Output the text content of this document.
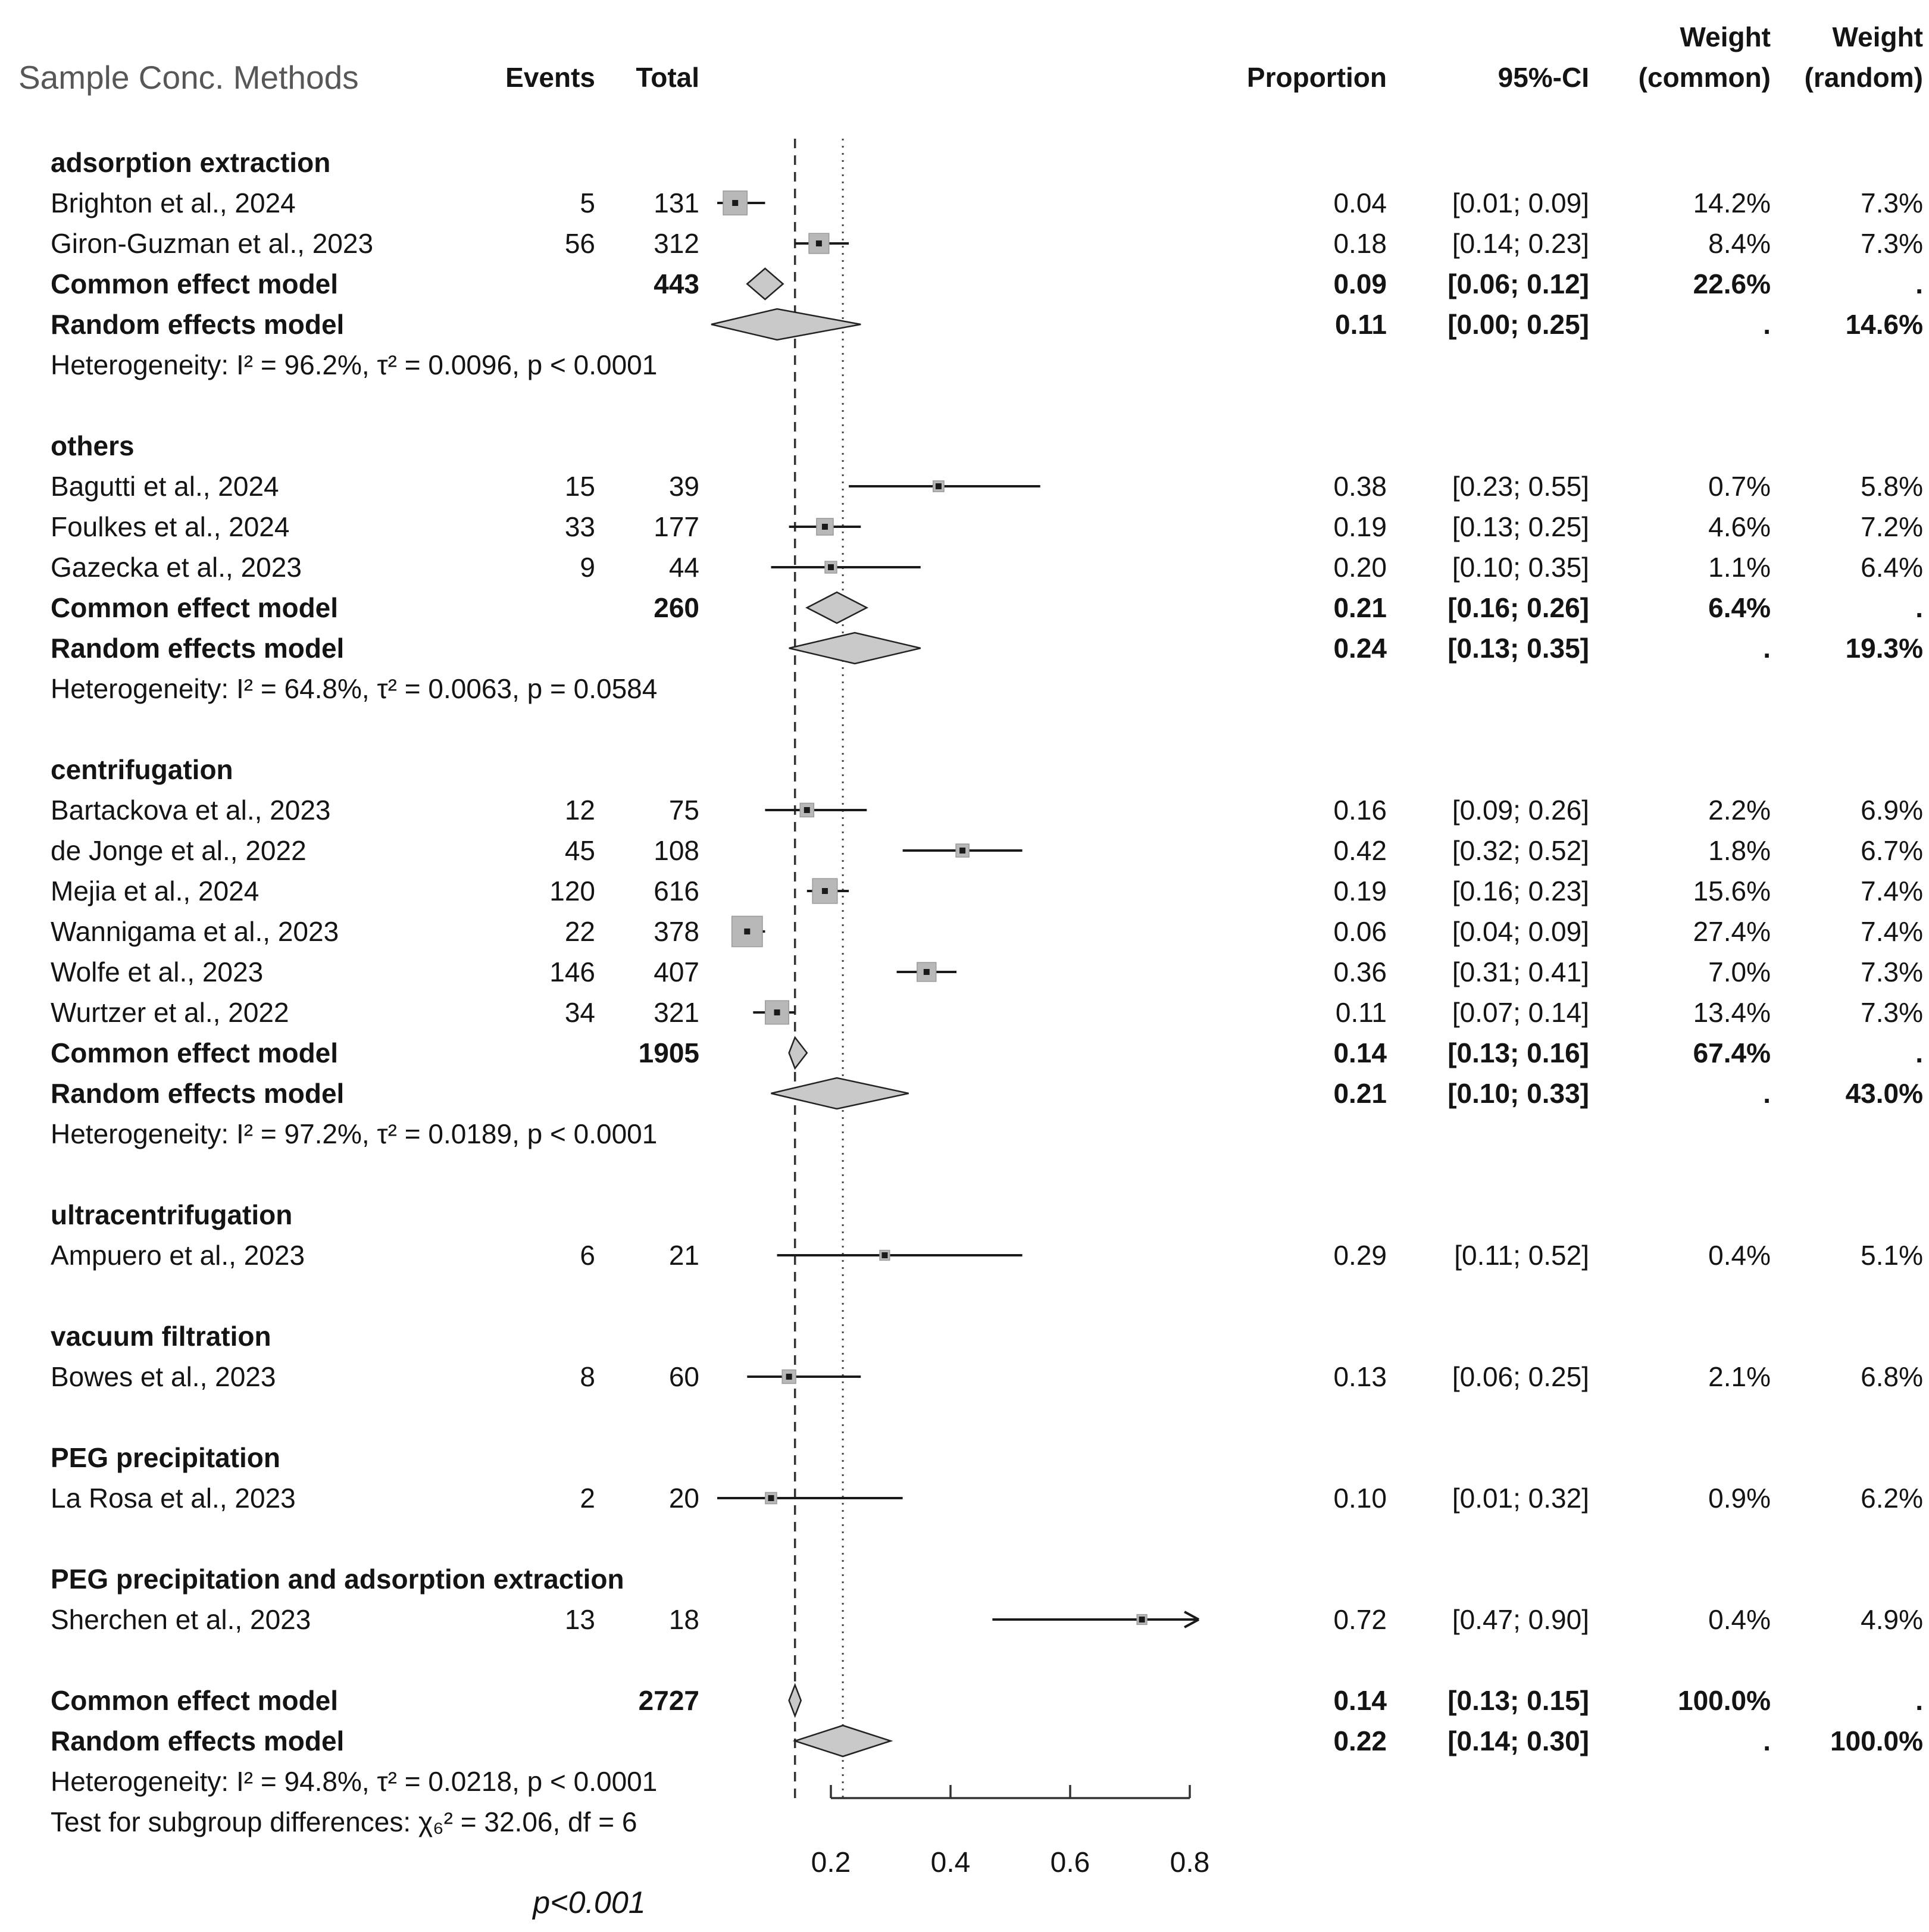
Weight	Weight
Sample Conc. Methods	Events	Total	Proportion	95%-CI	(common)	(random)
adsorption extraction
Brighton et al., 2024	5	131	0.04	[0.01; 0.09]	14.2%	7.3%
Giron-Guzman et al., 2023	56	312	0.18	[0.14; 0.23]	8.4%	7.3%
Common effect model	443	0.09	[0.06; 0.12]	22.6%	.
Random effects model	0.11	[0.00; 0.25]	.	14.6%
Heterogeneity: I² = 96.2%, τ² = 0.0096, p < 0.0001
others
Bagutti et al., 2024	15	39	0.38	[0.23; 0.55]	0.7%	5.8%
Foulkes et al., 2024	33	177	0.19	[0.13; 0.25]	4.6%	7.2%
Gazecka et al., 2023	9	44	0.20	[0.10; 0.35]	1.1%	6.4%
Common effect model	260	0.21	[0.16; 0.26]	6.4%	.
Random effects model	0.24	[0.13; 0.35]	.	19.3%
Heterogeneity: I² = 64.8%, τ² = 0.0063, p = 0.0584
centrifugation
Bartackova et al., 2023	12	75	0.16	[0.09; 0.26]	2.2%	6.9%
de Jonge et al., 2022	45	108	0.42	[0.32; 0.52]	1.8%	6.7%
Mejia et al., 2024	120	616	0.19	[0.16; 0.23]	15.6%	7.4%
Wannigama et al., 2023	22	378	0.06	[0.04; 0.09]	27.4%	7.4%
Wolfe et al., 2023	146	407	0.36	[0.31; 0.41]	7.0%	7.3%
Wurtzer et al., 2022	34	321	0.11	[0.07; 0.14]	13.4%	7.3%
Common effect model	1905	0.14	[0.13; 0.16]	67.4%	.
Random effects model	0.21	[0.10; 0.33]	.	43.0%
Heterogeneity: I² = 97.2%, τ² = 0.0189, p < 0.0001
ultracentrifugation
Ampuero et al., 2023	6	21	0.29	[0.11; 0.52]	0.4%	5.1%
vacuum filtration
Bowes et al., 2023	8	60	0.13	[0.06; 0.25]	2.1%	6.8%
PEG precipitation
La Rosa et al., 2023	2	20	0.10	[0.01; 0.32]	0.9%	6.2%
PEG precipitation and adsorption extraction
Sherchen et al., 2023	13	18	0.72	[0.47; 0.90]	0.4%	4.9%
Common effect model	2727	0.14	[0.13; 0.15]	100.0%	.
Random effects model	0.22	[0.14; 0.30]	.	100.0%
Heterogeneity: I² = 94.8%, τ² = 0.0218, p < 0.0001
Test for subgroup differences: χ₆² = 32.06, df = 6
p<0.001
0.2	0.4	0.6	0.8
